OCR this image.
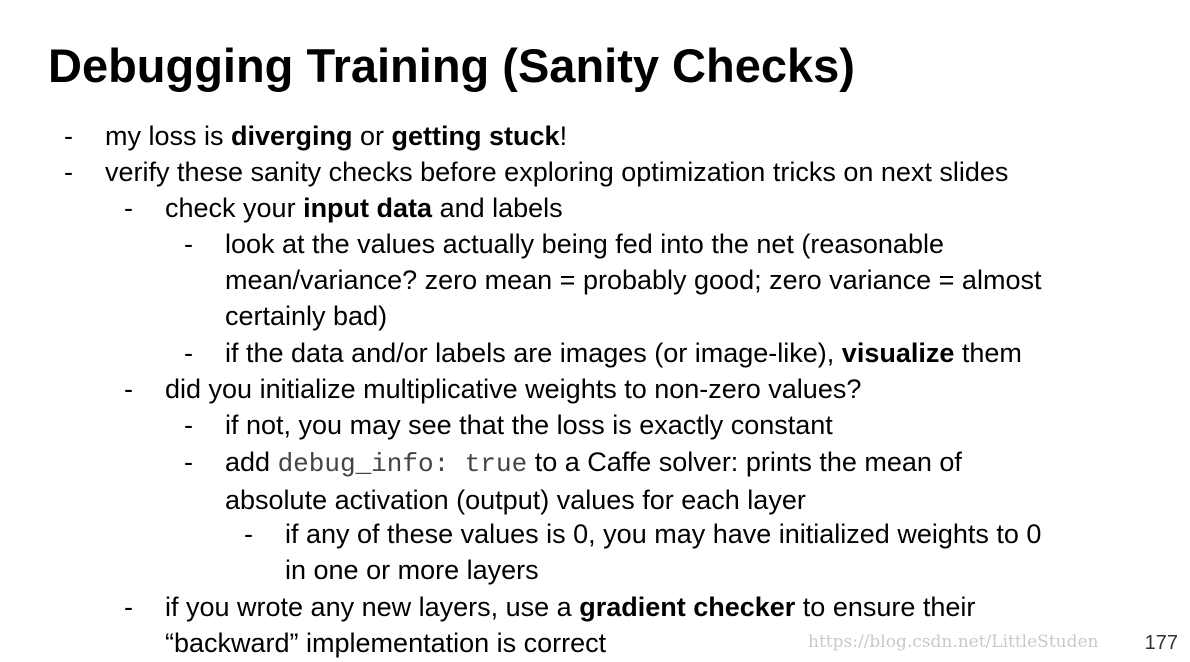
Debugging Training (Sanity Checks)
- my loss is diverging or getting stuck!
- verify these sanity checks before exploring optimization tricks on next slides
- check your input data and labels
- look at the values actually being fed into the net (reasonable
mean/variance? zero mean = probably good; zero variance = almost
certainly bad)
- if the data and/or labels are images (or image-like), visualize them
- did you initialize multiplicative weights to non-zero values?
- if not, you may see that the loss is exactly constant
- add debug_info: true to a Caffe solver: prints the mean of
absolute activation (output) values for each layer
- if any of these values is 0, you may have initialized weights to 0
in one or more layers
- if you wrote any new layers, use a gradient checker to ensure their
“backward” implementation is correct	https://blog.csdn.net/LittleStuden 177
